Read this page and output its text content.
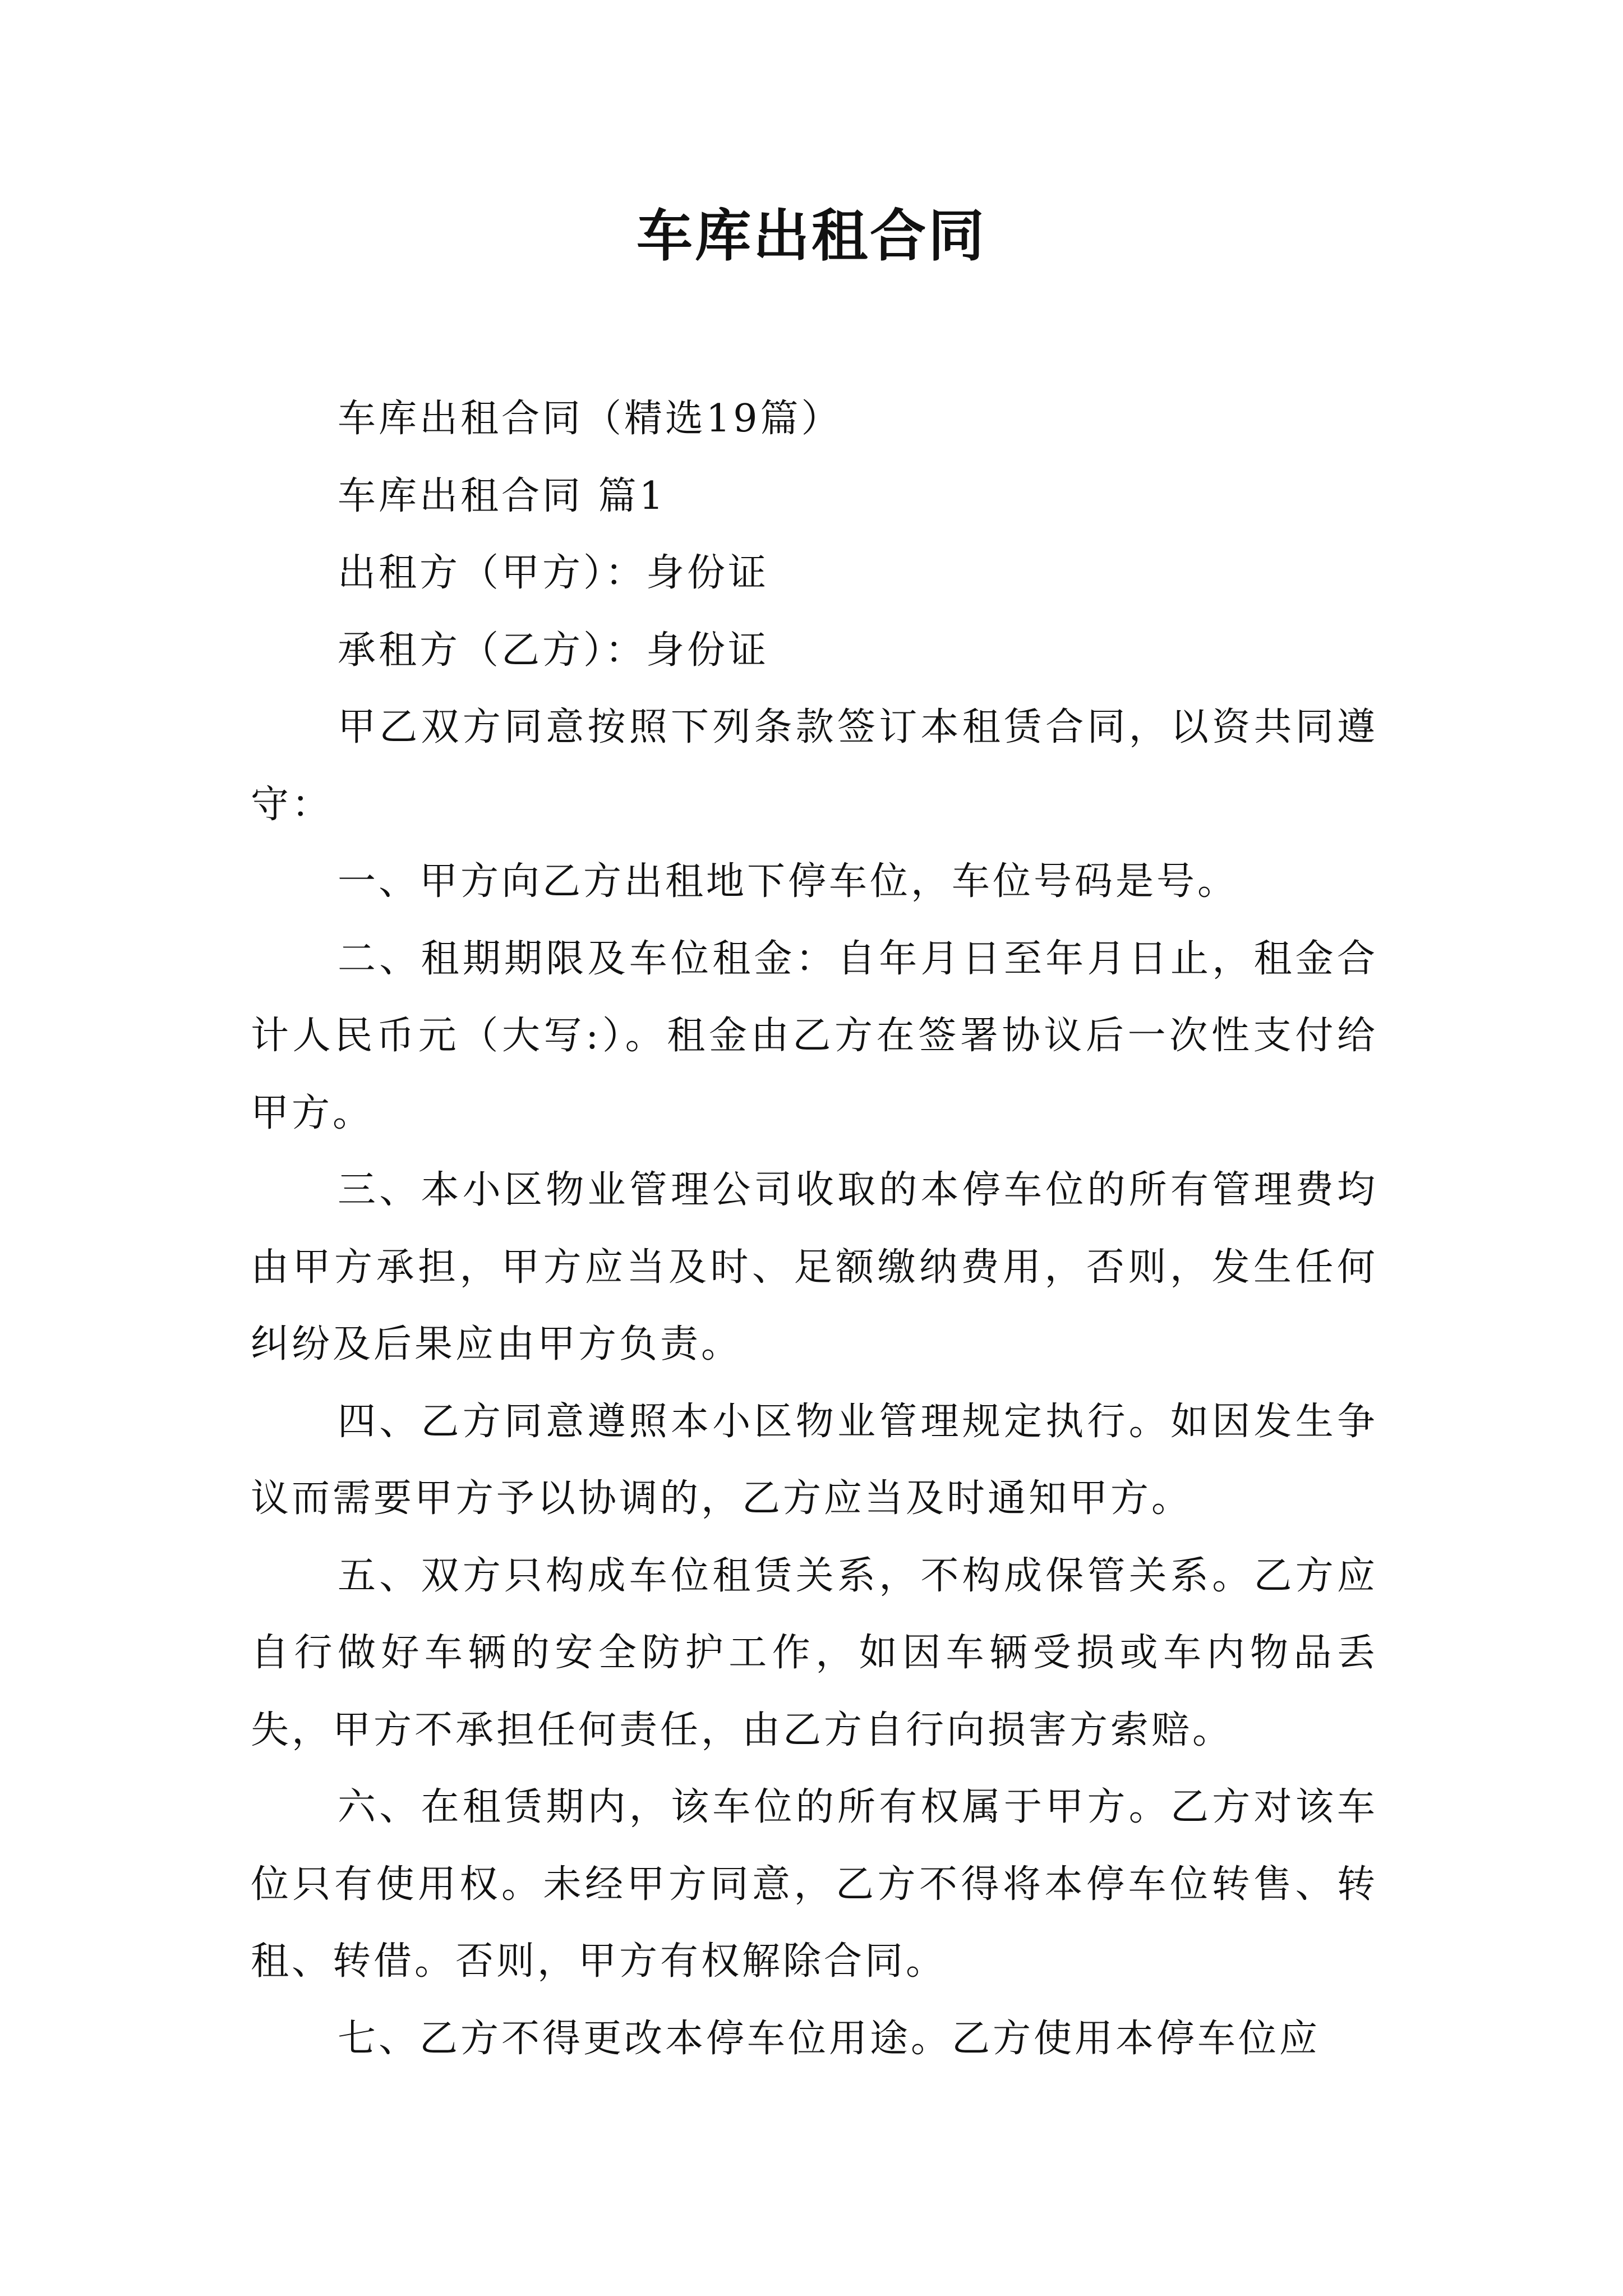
车库出租合同

车库出租合同（精选19篇）

车库出租合同 篇1

出租方（甲方）：身份证

承租方（乙方）：身份证

甲乙双方同意按照下列条款签订本租赁合同，以资共同遵守：

一、甲方向乙方出租地下停车位，车位号码是号。

二、租期期限及车位租金：自年月日至年月日止，租金合计人民币元（大写:）。租金由乙方在签署协议后一次性支付给甲方。

三、本小区物业管理公司收取的本停车位的所有管理费均由甲方承担，甲方应当及时、足额缴纳费用，否则，发生任何纠纷及后果应由甲方负责。

四、乙方同意遵照本小区物业管理规定执行。如因发生争议而需要甲方予以协调的，乙方应当及时通知甲方。

五、双方只构成车位租赁关系，不构成保管关系。乙方应自行做好车辆的安全防护工作，如因车辆受损或车内物品丢失，甲方不承担任何责任，由乙方自行向损害方索赔。

六、在租赁期内，该车位的所有权属于甲方。乙方对该车位只有使用权。未经甲方同意，乙方不得将本停车位转售、转租、转借。否则，甲方有权解除合同。

七、乙方不得更改本停车位用途。乙方使用本停车位应
